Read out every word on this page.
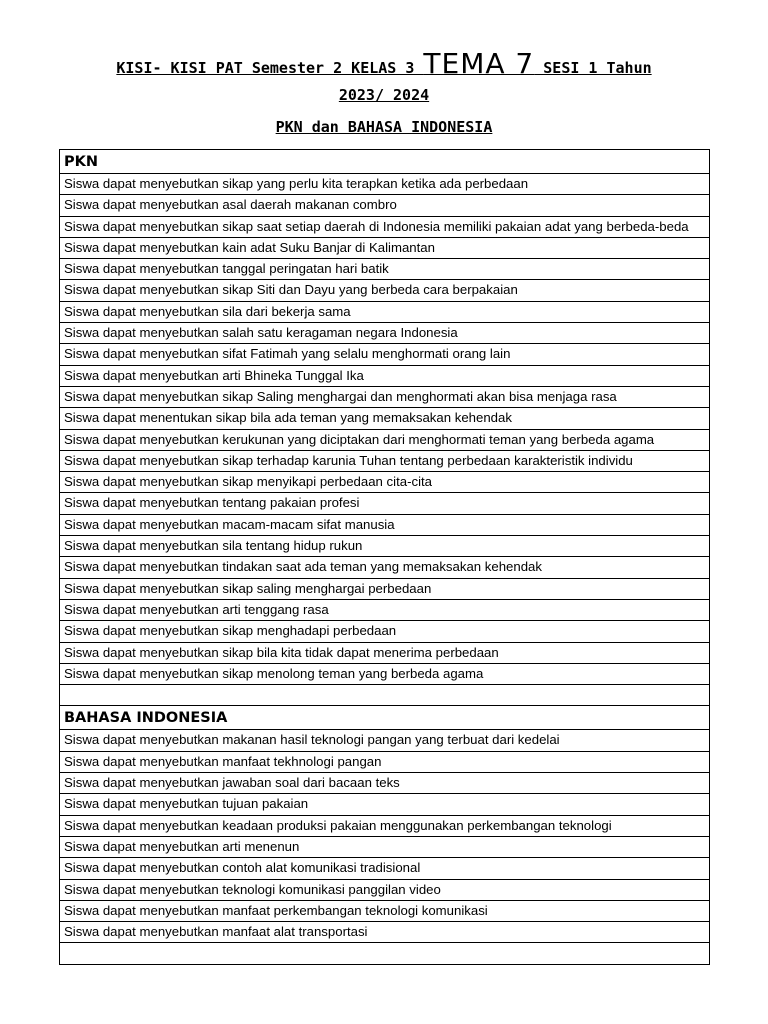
KISI- KISI PAT Semester 2 KELAS 3 TEMA 7 SESI 1 Tahun
2023/ 2024
PKN dan BAHASA INDONESIA
PKN
Siswa dapat menyebutkan sikap yang perlu kita terapkan ketika ada perbedaan
Siswa dapat menyebutkan asal daerah makanan combro
Siswa dapat menyebutkan sikap saat setiap daerah di Indonesia memiliki pakaian adat yang berbeda-beda
Siswa dapat menyebutkan kain adat Suku Banjar di Kalimantan
Siswa dapat menyebutkan tanggal peringatan hari batik
Siswa dapat menyebutkan sikap Siti dan Dayu yang berbeda cara berpakaian
Siswa dapat menyebutkan sila dari bekerja sama
Siswa dapat menyebutkan salah satu keragaman negara Indonesia
Siswa dapat menyebutkan sifat Fatimah yang selalu menghormati orang lain
Siswa dapat menyebutkan arti Bhineka Tunggal Ika
Siswa dapat menyebutkan sikap Saling menghargai dan menghormati akan bisa menjaga rasa
Siswa dapat menentukan sikap bila ada teman yang memaksakan kehendak
Siswa dapat menyebutkan kerukunan yang diciptakan dari menghormati teman yang berbeda agama
Siswa dapat menyebutkan sikap terhadap karunia Tuhan tentang perbedaan karakteristik individu
Siswa dapat menyebutkan sikap menyikapi perbedaan cita-cita
Siswa dapat menyebutkan tentang pakaian profesi
Siswa dapat menyebutkan macam-macam sifat manusia
Siswa dapat menyebutkan sila tentang hidup rukun
Siswa dapat menyebutkan tindakan saat ada teman yang memaksakan kehendak
Siswa dapat menyebutkan sikap saling menghargai perbedaan
Siswa dapat menyebutkan arti tenggang rasa
Siswa dapat menyebutkan sikap menghadapi perbedaan
Siswa dapat menyebutkan sikap bila kita tidak dapat menerima perbedaan
Siswa dapat menyebutkan sikap menolong teman yang berbeda agama

BAHASA INDONESIA
Siswa dapat menyebutkan makanan hasil teknologi pangan yang terbuat dari kedelai
Siswa dapat menyebutkan manfaat tekhnologi pangan
Siswa dapat menyebutkan jawaban soal dari bacaan teks
Siswa dapat menyebutkan tujuan pakaian
Siswa dapat menyebutkan keadaan produksi pakaian menggunakan perkembangan teknologi
Siswa dapat menyebutkan arti menenun
Siswa dapat menyebutkan contoh alat komunikasi tradisional
Siswa dapat menyebutkan teknologi komunikasi panggilan video
Siswa dapat menyebutkan manfaat perkembangan teknologi komunikasi
Siswa dapat menyebutkan manfaat alat transportasi
